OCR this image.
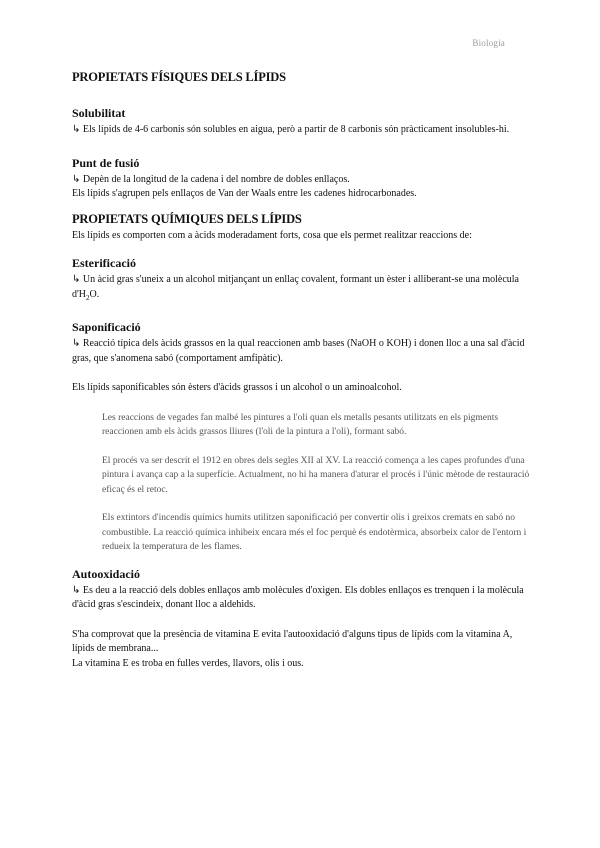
Biologia
PROPIETATS FÍSIQUES DELS LÍPIDS
Solubilitat

↳ Els lípids de 4-6 carbonis són solubles en aigua, però a partir de 8 carbonis són pràcticament insolubles-hi.

Punt de fusió

↳ Depèn de la longitud de la cadena i del nombre de dobles enllaços.

Els lípids s'agrupen pels enllaços de Van der Waals entre les cadenes hidrocarbonades.

PROPIETATS QUÍMIQUES DELS LÍPIDS

Els lípids es comporten com a àcids moderadament forts, cosa que els permet realitzar reaccions de:

Esterificació

↳ Un àcid gras s'uneix a un alcohol mitjançant un enllaç covalent, formant un èster i alliberant-se una molècula $d'H_2O$.

Saponificació

↳ Reacció típica dels àcids grassos en la qual reaccionen amb bases (NaOH o KOH) i donen lloc a una sal d'àcid gras, que s'anomena sabó (comportament amfipàtic).

Els lípids saponificables són èsters d'àcids grassos i un alcohol o un aminoalcohol.

Les reaccions de vegades fan malbé les pintures a l'oli quan els metalls pesants utilitzats en els pigments reaccionen amb els àcids grassos lliures (l'oli de la pintura a l'oli), formant sabó.

El procés va ser descrit el 1912 en obres dels segles XII al XV. La reacció comença a les capes profundes d'una pintura i avança cap a la superfície. Actualment, no hi ha manera d'aturar el procés i l'únic mètode de restauració eficaç és el retoc.

Els extintors d'incendis químics humits utilitzen saponificació per convertir olis i greixos cremats en sabó no combustible. La reacció química inhibeix encara més el foc perquè és endotèrmica, absorbeix calor de l'entorn i redueix la temperatura de les flames.

Autooxidació

↳ Es deu a la reacció dels dobles enllaços amb molècules d'oxigen. Els dobles enllaços es trenquen i la molècula d'àcid gras s'escindeix, donant lloc a aldehids.

S'ha comprovat que la presència de vitamina E evita l'autooxidació d'alguns tipus de lípids com la vitamina A, lípids de membrana...

La vitamina E es troba en fulles verdes, llavors, olis i ous.
